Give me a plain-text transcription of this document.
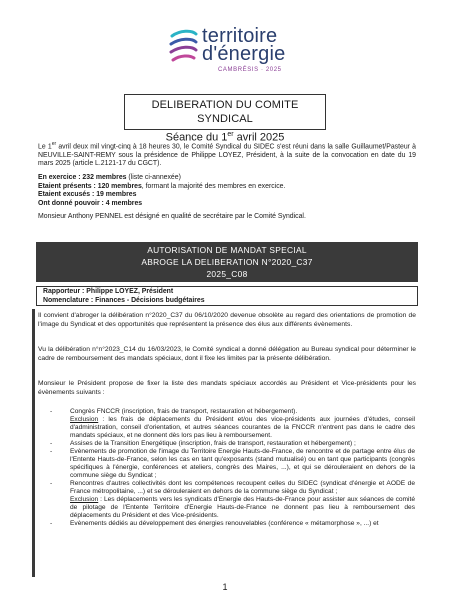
territoire
d'énergie
CAMBRÉSIS · 2025
DELIBERATION DU COMITE SYNDICAL
Séance du 1er avril 2025
Le 1er avril deux mil vingt-cinq à 18 heures 30, le Comité Syndical du SIDEC s'est réuni dans la salle Guillaumet/Pasteur à NEUVILLE-SAINT-REMY sous la présidence de Philippe LOYEZ, Président, à la suite de la convocation en date du 19 mars 2025 (article L.2121-17 du CGCT).
En exercice : 232 membres (liste ci-annexée)
Etaient présents : 120 membres, formant la majorité des membres en exercice.
Etaient excusés : 19 membres
Ont donné pouvoir : 4 membres
Monsieur Anthony PENNEL est désigné en qualité de secrétaire par le Comité Syndical.
AUTORISATION DE MANDAT SPECIAL
ABROGE LA DELIBERATION N°2020_C37
2025_C08
Rapporteur : Philippe LOYEZ, Président
Nomenclature : Finances - Décisions budgétaires
Il convient d'abroger la délibération n°2020_C37 du 06/10/2020 devenue obsolète au regard des orientations de promotion de l'image du Syndicat et des opportunités que représentent la présence des élus aux différents évènements.
Vu la délibération n°n°2023_C14 du 16/03/2023, le Comité syndical a donné délégation au Bureau syndical pour déterminer le cadre de remboursement des mandats spéciaux, dont il fixe les limites par la présente délibération.
Monsieur le Président propose de fixer la liste des mandats spéciaux accordés au Président et Vice-présidents pour les évènements suivants :
-	Congrès FNCCR (inscription, frais de transport, restauration et hébergement).
Exclusion : les frais de déplacements du Président et/ou des vice-présidents aux journées d'études, conseil d'administration, conseil d'orientation, et autres séances courantes de la FNCCR n'entrent pas dans le cadre des mandats spéciaux, et ne donnent dès lors pas lieu à remboursement.
-	Assises de la Transition Energétique (inscription, frais de transport, restauration et hébergement) ;
-	Evènements de promotion de l'image du Territoire Energie Hauts-de-France, de rencontre et de partage entre élus de l'Entente Hauts-de-France, selon les cas en tant qu'exposants (stand mutualisé) ou en tant que participants (congrès spécifiques à l'énergie, conférences et ateliers, congrès des Maires, ...), et qui se dérouleraient en dehors de la commune siège du Syndicat ;
-	Rencontres d'autres collectivités dont les compétences recoupent celles du SIDEC (syndicat d'énergie et AODE de France métropolitaine, ...) et se dérouleraient en dehors de la commune siège du Syndicat ;
Exclusion : Les déplacements vers les syndicats d'Energie des Hauts-de-France pour assister aux séances de comité de pilotage de l'Entente Territoire d'Energie Hauts-de-France ne donnent pas lieu à remboursement des déplacements du Président et des Vice-présidents.
-	Evènements dédiés au développement des énergies renouvelables (conférence « métamorphose », ...) et
1
